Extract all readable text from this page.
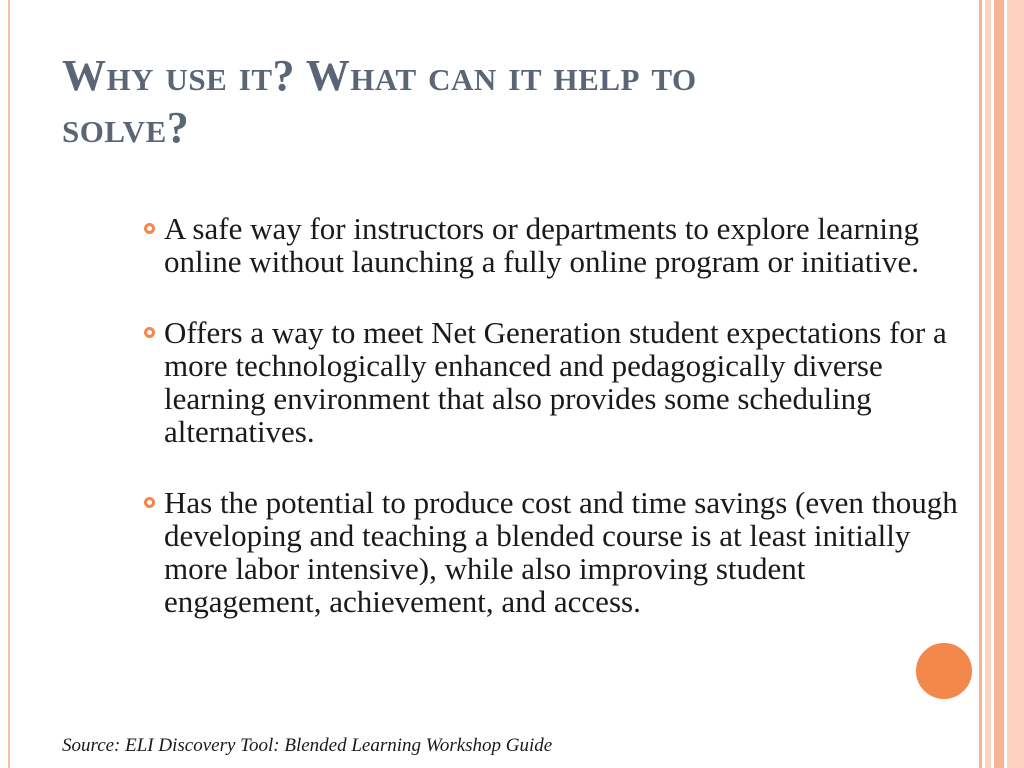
Why use it? What can it help to solve?
A safe way for instructors or departments to explore learning online without launching a fully online program or initiative.
Offers a way to meet Net Generation student expectations for a more technologically enhanced and pedagogically diverse learning environment that also provides some scheduling alternatives.
Has the potential to produce cost and time savings (even though developing and teaching a blended course is at least initially more labor intensive), while also improving student engagement, achievement, and access.
Source: ELI Discovery Tool: Blended Learning Workshop Guide
